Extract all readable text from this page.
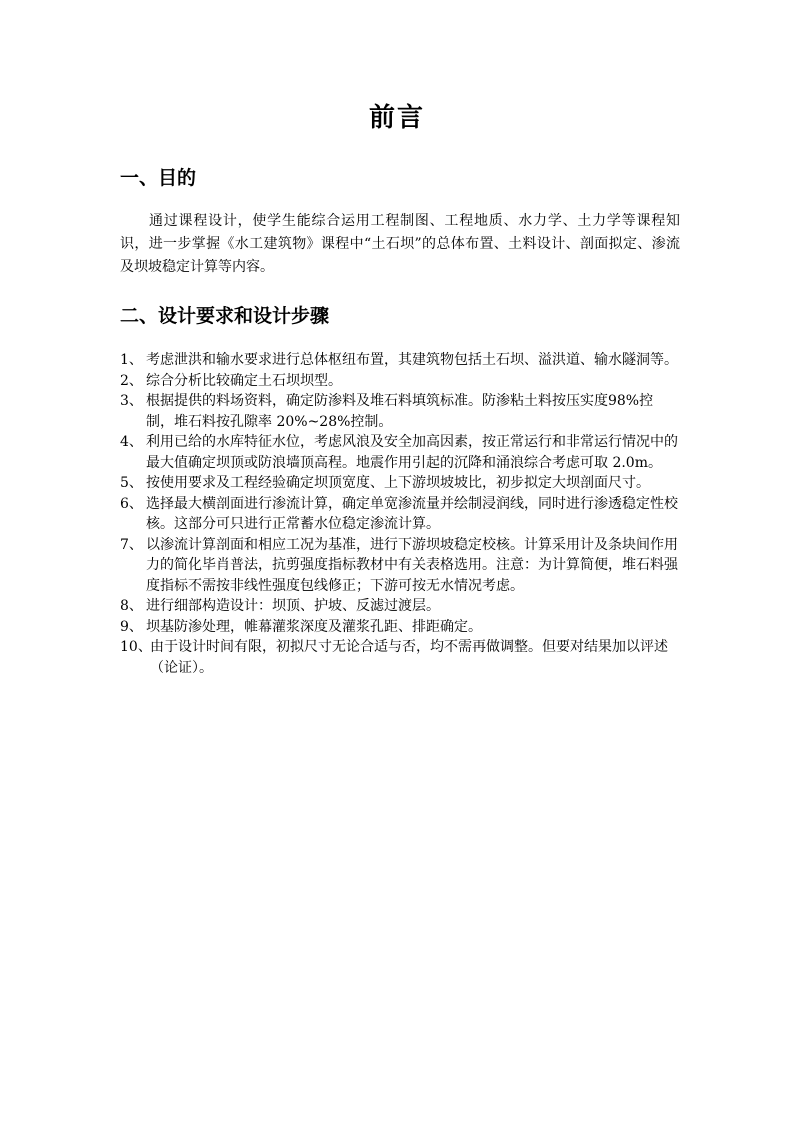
前言
一、目的

通过课程设计，使学生能综合运用工程制图、工程地质、水力学、土力学等课程知识，进一步掌握《水工建筑物》课程中“土石坝”的总体布置、土料设计、剖面拟定、渗流及坝坡稳定计算等内容。

二、设计要求和设计步骤
1、 考虑泄洪和输水要求进行总体枢纽布置，其建筑物包括土石坝、溢洪道、输水隧洞等。
2、 综合分析比较确定土石坝坝型。
3、 根据提供的料场资料，确定防渗料及堆石料填筑标准。防渗粘土料按压实度98%控制，堆石料按孔隙率 20%~28%控制。
4、 利用已给的水库特征水位，考虑风浪及安全加高因素，按正常运行和非常运行情况中的最大值确定坝顶或防浪墙顶高程。地震作用引起的沉降和涌浪综合考虑可取 2.0m。
5、 按使用要求及工程经验确定坝顶宽度、上下游坝坡坡比，初步拟定大坝剖面尺寸。
6、 选择最大横剖面进行渗流计算，确定单宽渗流量并绘制浸润线，同时进行渗透稳定性校核。这部分可只进行正常蓄水位稳定渗流计算。
7、 以渗流计算剖面和相应工况为基准，进行下游坝坡稳定校核。计算采用计及条块间作用力的简化毕肖普法，抗剪强度指标教材中有关表格选用。注意：为计算简便，堆石料强度指标不需按非线性强度包线修正；下游可按无水情况考虑。
8、 进行细部构造设计：坝顶、护坡、反滤过渡层。
9、 坝基防渗处理，帷幕灌浆深度及灌浆孔距、排距确定。
10、
由于设计时间有限，初拟尺寸无论合适与否，均不需再做调整。但要对结果加以评述（论证）。
